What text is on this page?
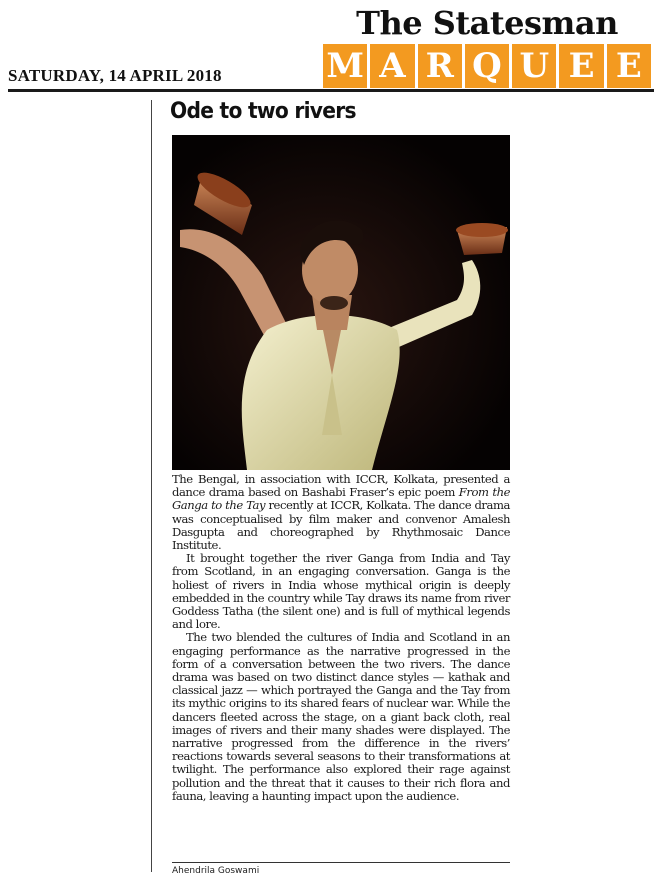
SATURDAY, 14 APRIL 2018
The Statesman
M A R Q U E E
Ode to two rivers

The Bengal, in association with ICCR, Kolkata, presented a dance drama based on Bashabi Fraser’s epic poem From the Ganga to the Tay recently at ICCR, Kolkata. The dance drama was conceptualised by film maker and convenor Amalesh Dasgupta and choreographed by Rhythmosaic Dance Institute.

It brought together the river Ganga from India and Tay from Scotland, in an engaging conversation. Ganga is the holiest of rivers in India whose mythical origin is deeply embedded in the country while Tay draws its name from river Goddess Tatha (the silent one) and is full of mythical legends and lore.

The two blended the cultures of India and Scotland in an engaging performance as the narrative progressed in the form of a conversation between the two rivers. The dance drama was based on two distinct dance styles — kathak and classical jazz — which portrayed the Ganga and the Tay from its mythic origins to its shared fears of nuclear war. While the dancers fleeted across the stage, on a giant back cloth, real images of rivers and their many shades were displayed. The narrative progressed from the difference in the rivers’ reactions towards several seasons to their transformations at twilight. The performance also explored their rage against pollution and the threat that it causes to their rich flora and fauna, leaving a haunting impact upon the audience.

Ahendrila Goswami
